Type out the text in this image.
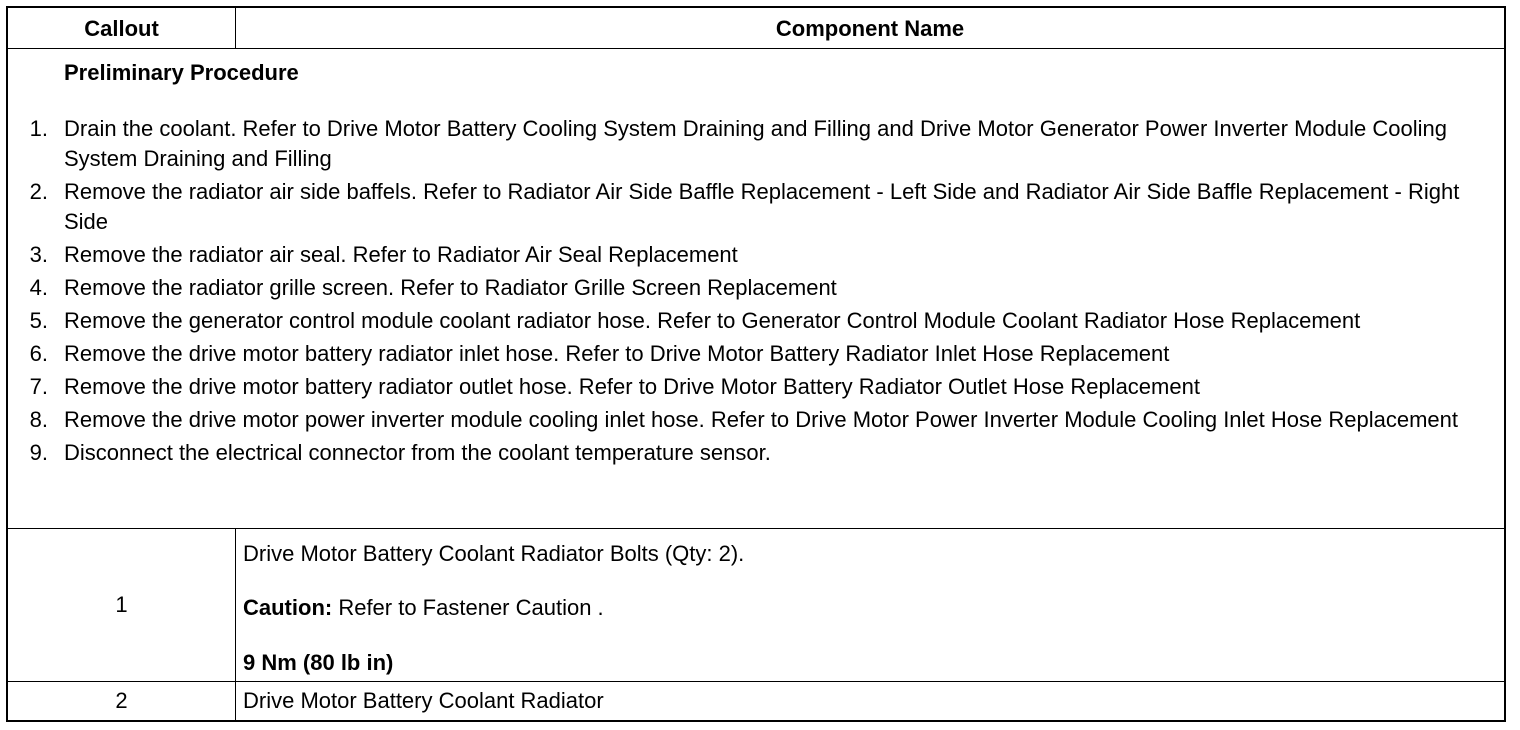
Callout	Component Name
Preliminary Procedure
1. Drain the coolant. Refer to Drive Motor Battery Cooling System Draining and Filling and Drive Motor Generator Power Inverter Module Cooling System Draining and Filling
2. Remove the radiator air side baffels. Refer to Radiator Air Side Baffle Replacement - Left Side and Radiator Air Side Baffle Replacement - Right Side
3. Remove the radiator air seal. Refer to Radiator Air Seal Replacement
4. Remove the radiator grille screen. Refer to Radiator Grille Screen Replacement
5. Remove the generator control module coolant radiator hose. Refer to Generator Control Module Coolant Radiator Hose Replacement
6. Remove the drive motor battery radiator inlet hose. Refer to Drive Motor Battery Radiator Inlet Hose Replacement
7. Remove the drive motor battery radiator outlet hose. Refer to Drive Motor Battery Radiator Outlet Hose Replacement
8. Remove the drive motor power inverter module cooling inlet hose. Refer to Drive Motor Power Inverter Module Cooling Inlet Hose Replacement
9. Disconnect the electrical connector from the coolant temperature sensor.
1
Drive Motor Battery Coolant Radiator Bolts (Qty: 2).
Caution: Refer to Fastener Caution .
9 Nm (80 lb in)
2	Drive Motor Battery Coolant Radiator
